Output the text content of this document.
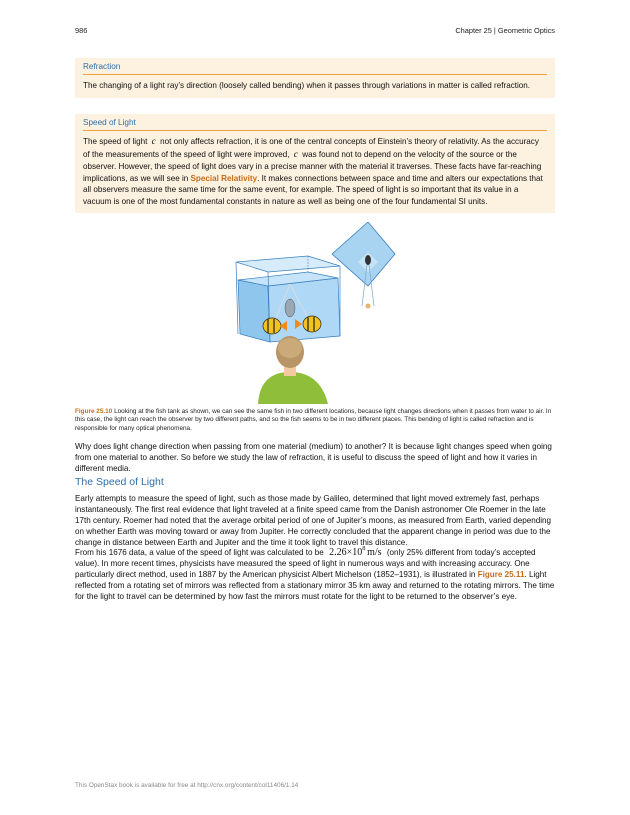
986	Chapter 25 | Geometric Optics
Refraction
The changing of a light ray’s direction (loosely called bending) when it passes through variations in matter is called refraction.
Speed of Light
The speed of light c not only affects refraction, it is one of the central concepts of Einstein’s theory of relativity. As the accuracy of the measurements of the speed of light were improved, c was found not to depend on the velocity of the source or the observer. However, the speed of light does vary in a precise manner with the material it traverses. These facts have far-reaching implications, as we will see in Special Relativity. It makes connections between space and time and alters our expectations that all observers measure the same time for the same event, for example. The speed of light is so important that its value in a vacuum is one of the most fundamental constants in nature as well as being one of the four fundamental SI units.
Figure 25.10 Looking at the fish tank as shown, we can see the same fish in two different locations, because light changes directions when it passes from water to air. In this case, the light can reach the observer by two different paths, and so the fish seems to be in two different places. This bending of light is called refraction and is responsible for many optical phenomena.
Why does light change direction when passing from one material (medium) to another? It is because light changes speed when going from one material to another. So before we study the law of refraction, it is useful to discuss the speed of light and how it varies in different media.
The Speed of Light
Early attempts to measure the speed of light, such as those made by Galileo, determined that light moved extremely fast, perhaps instantaneously. The first real evidence that light traveled at a finite speed came from the Danish astronomer Ole Roemer in the late 17th century. Roemer had noted that the average orbital period of one of Jupiter’s moons, as measured from Earth, varied depending on whether Earth was moving toward or away from Jupiter. He correctly concluded that the apparent change in period was due to the change in distance between Earth and Jupiter and the time it took light to travel this distance.
From his 1676 data, a value of the speed of light was calculated to be $2.26\times 10^8$   m/s (only 25% different from today’s accepted value). In more recent times, physicists have measured the speed of light in numerous ways and with increasing accuracy. One particularly direct method, used in 1887 by the American physicist Albert Michelson (1852–1931), is illustrated in Figure 25.11. Light reflected from a rotating set of mirrors was reflected from a stationary mirror 35 km away and returned to the rotating mirrors. The time for the light to travel can be determined by how fast the mirrors must rotate for the light to be returned to the observer’s eye.
This OpenStax book is available for free at http://cnx.org/content/col11406/1.14
